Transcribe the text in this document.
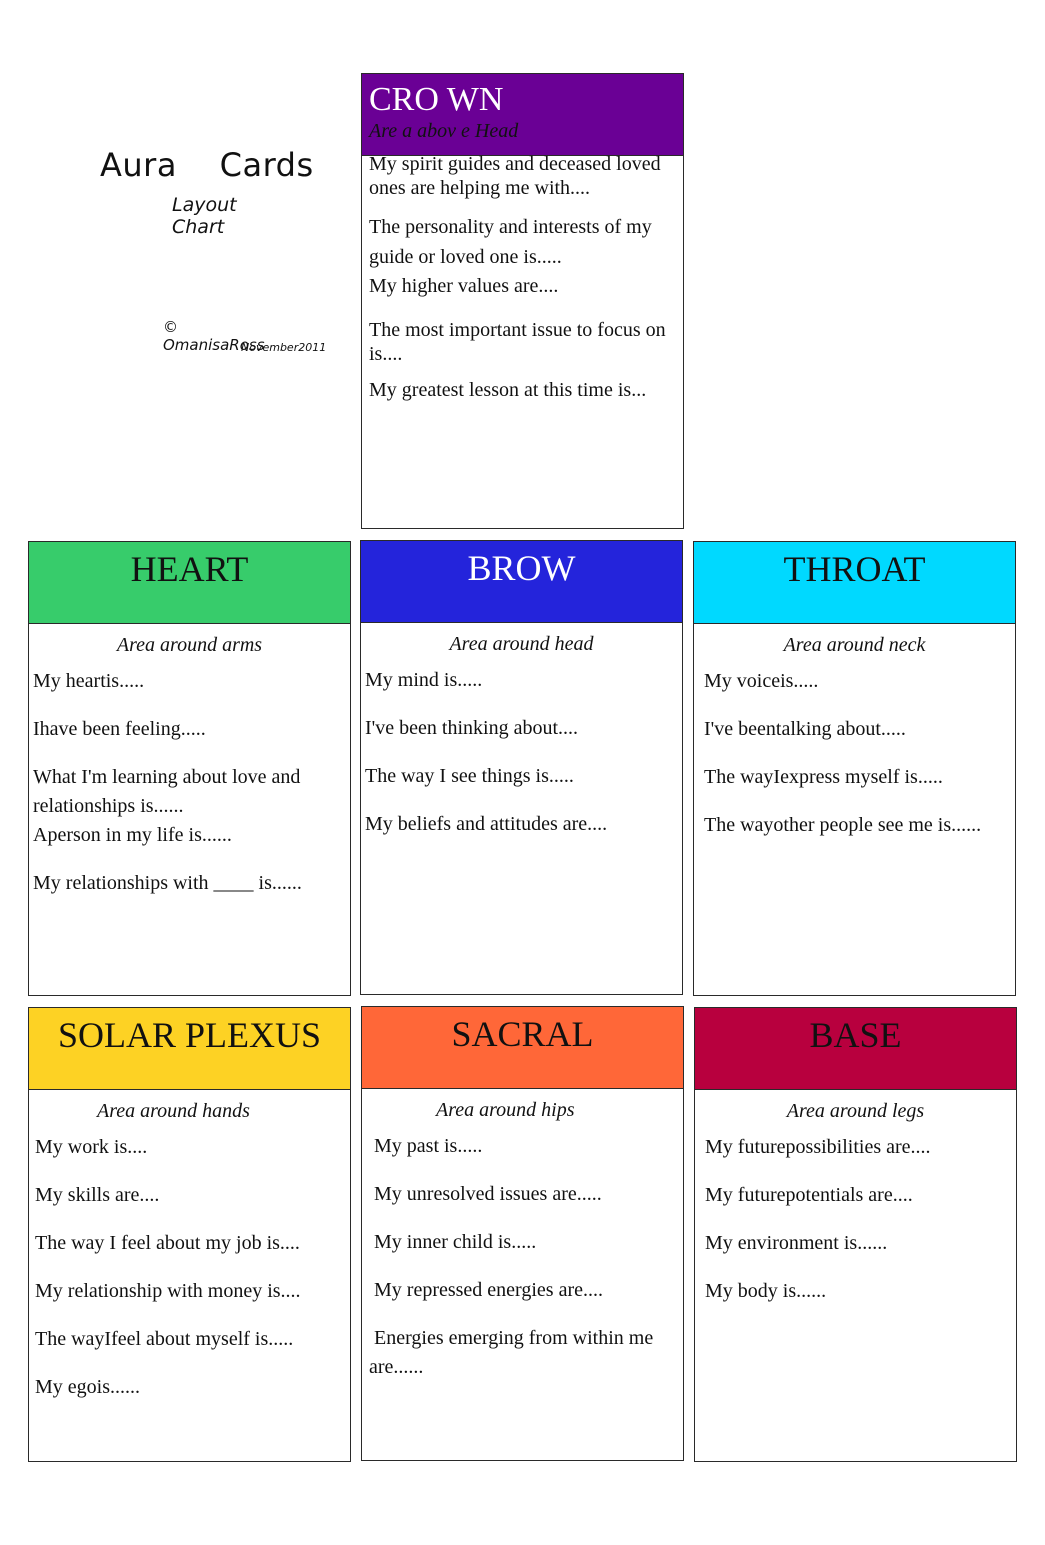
Aura    Cards
Layout Chart
© OmanisaRoss
November2011
CRO WN
Are a abov e Head
My spirit guides and deceased loved ones are helping me with....
The personality and interests of my guide or loved one is.....
My higher values are....
The most important issue to focus on is....
My greatest lesson at this time is...
HEART
Area around arms
My heartis.....
Ihave been feeling.....
What I'm learning about love and relationships is......
Aperson in my life is......
My relationships with ____ is......
BROW
Area around head
My mind is.....
I've been thinking about....
The way I see things is.....
My beliefs and attitudes are....
THROAT
Area around neck
My voiceis.....
I've beentalking about.....
The wayIexpress myself is.....
The wayother people see me is......
SOLAR PLEXUS
Area around hands
My work is....
My skills are....
The way I feel about my job is....
My relationship with money is....
The wayIfeel about myself is.....
My egois......
SACRAL
Area around hips
My past is.....
My unresolved issues are.....
My inner child is.....
My repressed energies are....
Energies emerging from within me are......
BASE
Area around legs
My futurepossibilities are....
My futurepotentials are....
My environment is......
My body is......
